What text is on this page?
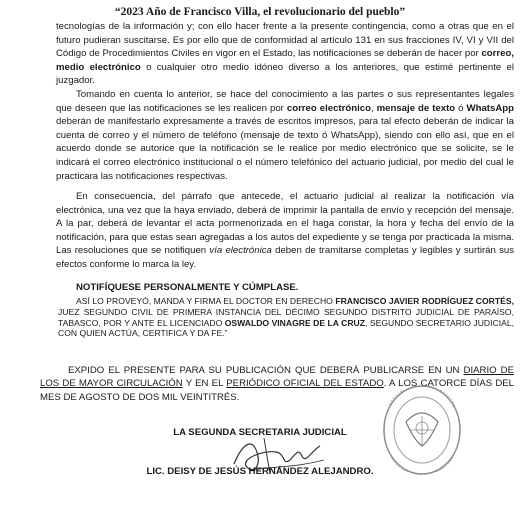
“2023 Año de Francisco Villa, el revolucionario del pueblo”

tecnologías de la información y; con ello hacer frente a la presente contingencia, como a otras que en el futuro pudieran suscitarse. Es por ello que de conformidad al artículo 131 en sus fracciones IV, VI y VII del Código de Procedimientos Civiles en vigor en el Estado, las notificaciones se deberán de hacer por correo, medio electrónico o cualquier otro medio idóneo diverso a los anteriores, que estimé pertinente el juzgador.

Tomando en cuenta lo anterior, se hace del conocimiento a las partes o sus representantes legales que deseen que las notificaciones se les realicen por correo electrónico, mensaje de texto ó WhatsApp deberán de manifestarlo expresamente a través de escritos impresos, para tal efecto deberán de indicar la cuenta de correo y el número de teléfono (mensaje de texto ó WhatsApp), siendo con ello así, que en el acuerdo donde se autorice que la notificación se le realice por medio electrónico que se solicite, se le indicará el correo electrónico institucional o el número telefónico del actuario judicial, por medio del cual le practicara las notificaciones respectivas.

En consecuencia, del párrafo que antecede, el actuario judicial al realizar la notificación vía electrónica, una vez que la haya enviado, deberá de imprimir la pantalla de envío y recepción del mensaje. A la par, deberá de levantar el acta pormenorizada en el haga constar, la hora y fecha del envío de la notificación, para que estas sean agregadas a los autos del expediente y se tenga por practicada la misma. Las resoluciones que se notifiquen vía electrónica deben de tramitarse completas y legibles y surtirán sus efectos conforme lo marca la ley.

NOTIFÍQUESE PERSONALMENTE Y CÚMPLASE.

ASÍ LO PROVEYÓ, MANDA Y FIRMA EL DOCTOR EN DERECHO FRANCISCO JAVIER RODRÍGUEZ CORTÉS, JUEZ SEGUNDO CIVIL DE PRIMERA INSTANCIA DEL DÉCIMO SEGUNDO DISTRITO JUDICIAL DE PARAÍSO, TABASCO, POR Y ANTE EL LICENCIADO OSWALDO VINAGRE DE LA CRUZ, SEGUNDO SECRETARIO JUDICIAL, CON QUIEN ACTÚA, CERTIFICA Y DA FE.”

EXPIDO EL PRESENTE PARA SU PUBLICACIÓN QUE DEBERÁ PUBLICARSE EN UN DIARIO DE LOS DE MAYOR CIRCULACIÓN Y EN EL PERIÓDICO OFICIAL DEL ESTADO. A LOS CATORCE DÍAS DEL MES DE AGOSTO DE DOS MIL VEINTITRÉS.

LA SEGUNDA SECRETARIA JUDICIAL
LIC. DEISY DE JESÚS HERNÁNDEZ ALEJANDRO.
